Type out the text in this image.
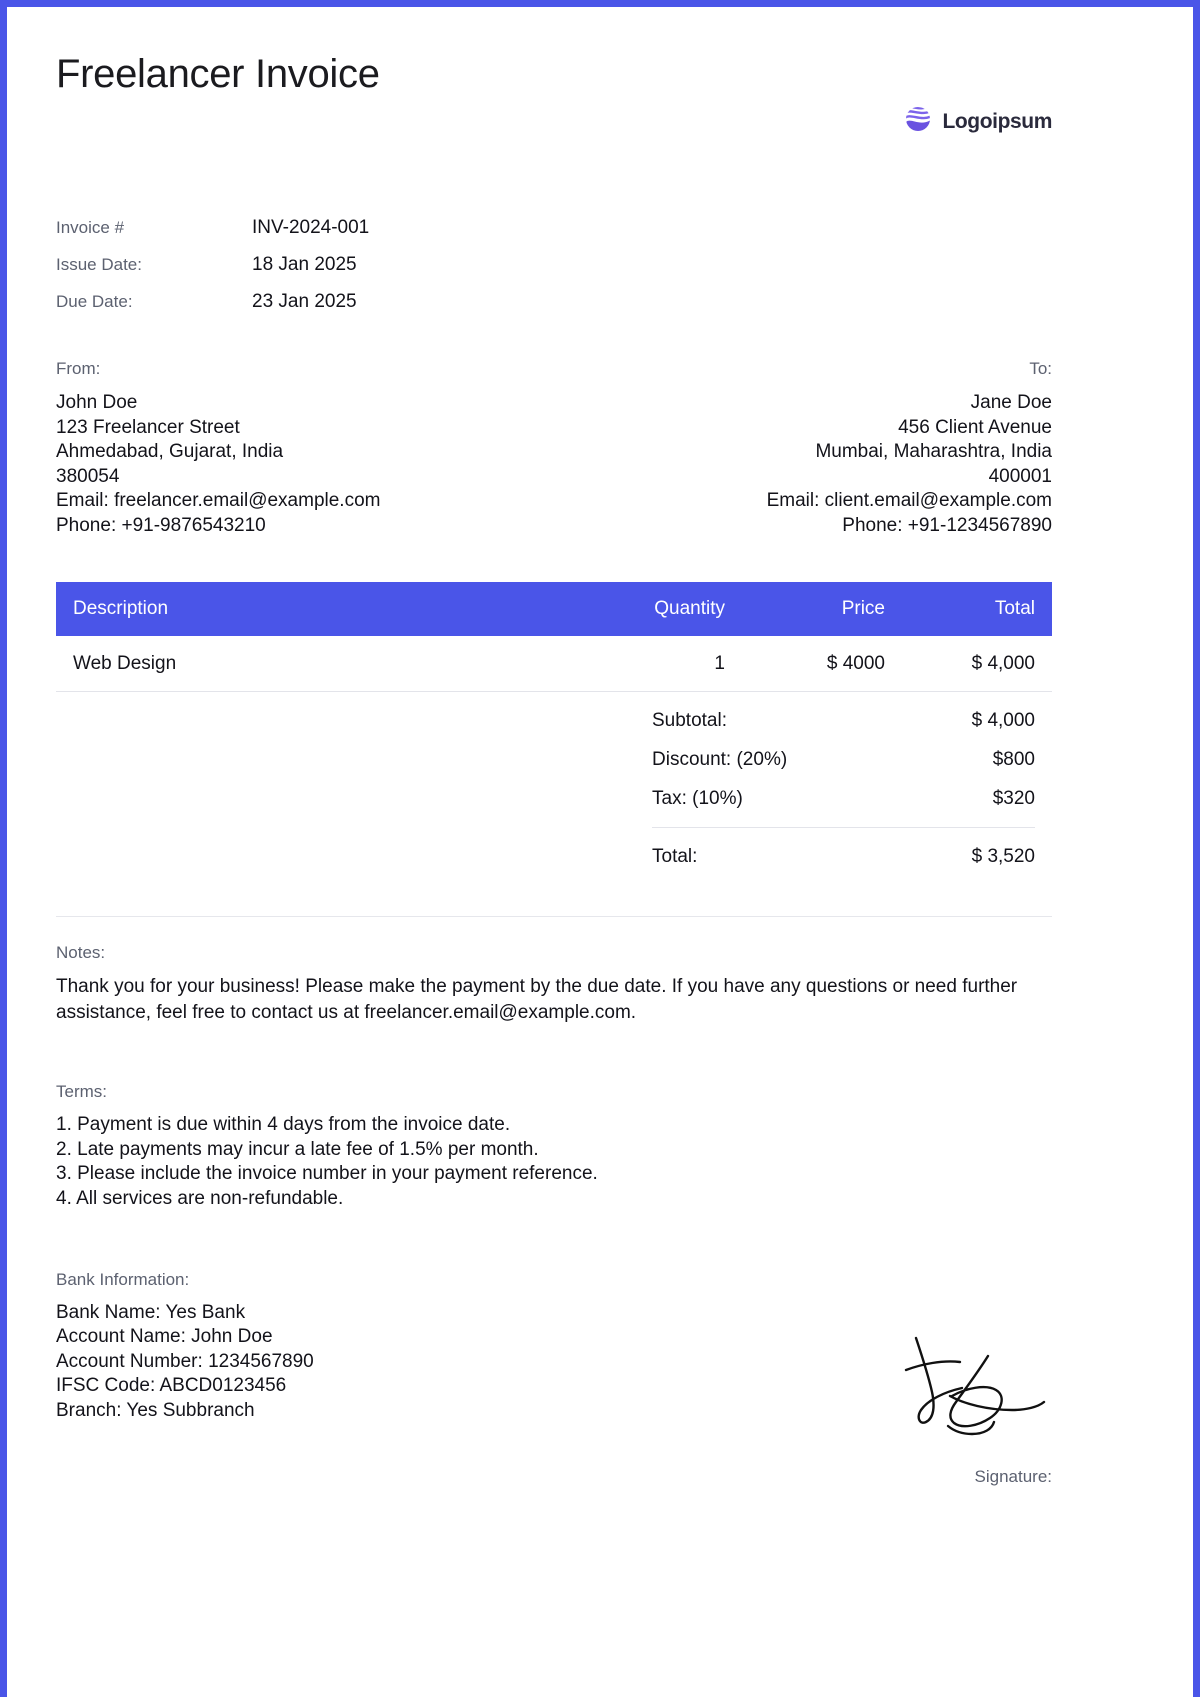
Freelancer Invoice
Logoipsum
Invoice #	INV-2024-001
Issue Date:	18 Jan 2025
Due Date:	23 Jan 2025
From:
John Doe
123 Freelancer Street
Ahmedabad, Gujarat, India
380054
Email: freelancer.email@example.com
Phone: +91-9876543210
To:
Jane Doe
456 Client Avenue
Mumbai, Maharashtra, India
400001
Email: client.email@example.com
Phone: +91-1234567890
Description	Quantity	Price	Total
Web Design	1	$ 4000	$ 4,000
Subtotal:	$ 4,000
Discount: (20%)	$800
Tax: (10%)	$320
Total:	$ 3,520
Notes:
Thank you for your business! Please make the payment by the due date. If you have any questions or need further assistance, feel free to contact us at freelancer.email@example.com.
Terms:
1. Payment is due within 4 days from the invoice date.
2. Late payments may incur a late fee of 1.5% per month.
3. Please include the invoice number in your payment reference.
4. All services are non-refundable.
Bank Information:
Bank Name: Yes Bank
Account Name: John Doe
Account Number: 1234567890
IFSC Code: ABCD0123456
Branch: Yes Subbranch
Signature:
